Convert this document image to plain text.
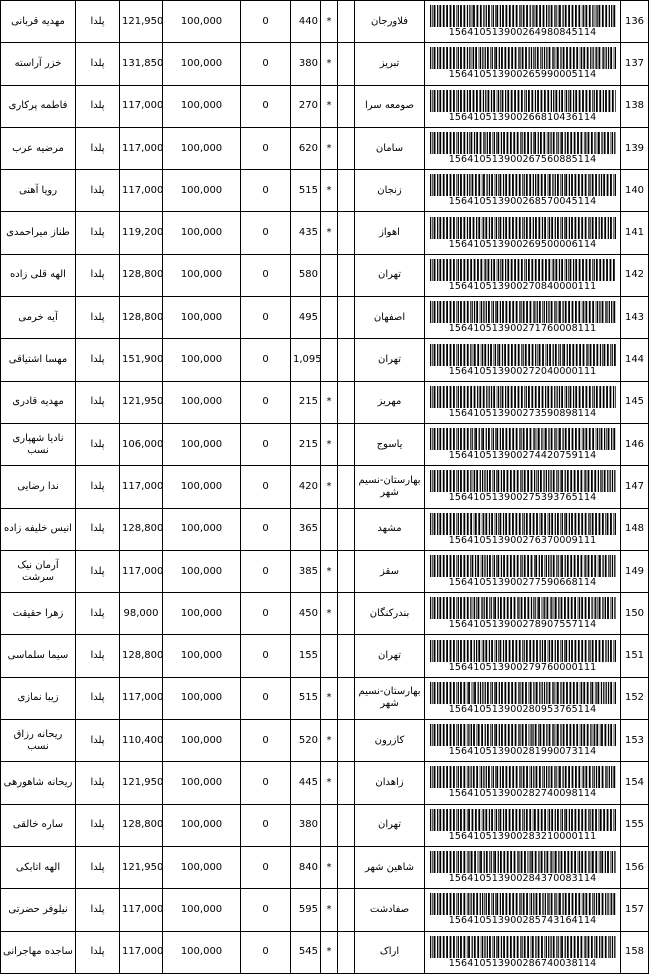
مهدیه قربانی	پلدا	121,950	100,000	0	440	*		فلاورجان	156410513900264980845114	136
خزر آراسته	پلدا	131,850	100,000	0	380	*		تبریز	156410513900265990005114	137
فاطمه پرکاری	پلدا	117,000	100,000	0	270	*		صومعه سرا	156410513900266810436114	138
مرضیه عرب	پلدا	117,000	100,000	0	620	*		سامان	156410513900267560885114	139
رویا آهنی	پلدا	117,000	100,000	0	515	*		زنجان	156410513900268570045114	140
طناز میراحمدی	پلدا	119,200	100,000	0	435	*		اهواز	156410513900269500006114	141
الهه قلی زاده	پلدا	128,800	100,000	0	580			تهران	156410513900270840000111	142
آیه خرمی	پلدا	128,800	100,000	0	495			اصفهان	156410513900271760008111	143
مهسا اشتیاقی	پلدا	151,900	100,000	0	1,095			تهران	156410513900272040000111	144
مهدیه قادری	پلدا	121,950	100,000	0	215	*		مهریز	156410513900273590898114	145
نادیا شهپاری نسب	پلدا	106,000	100,000	0	215	*		یاسوج	156410513900274420759114	146
ندا رضایی	پلدا	117,000	100,000	0	420	*		بهارستان-نسیم شهر	156410513900275393765114	147
انیس خلیفه زاده	پلدا	128,800	100,000	0	365			مشهد	156410513900276370009111	148
آرمان نیک سرشت	پلدا	117,000	100,000	0	385	*		سقز	156410513900277590668114	149
زهرا حقیقت	پلدا	98,000	100,000	0	450	*		بندرکنگان	156410513900278907557114	150
سیما سلماسی	پلدا	128,800	100,000	0	155			تهران	156410513900279760000111	151
زیبا نمازی	پلدا	117,000	100,000	0	515	*		بهارستان-نسیم شهر	156410513900280953765114	152
ریحانه رزاق نسب	پلدا	110,400	100,000	0	520	*		کازرون	156410513900281990073114	153
ریحانه شاهورهی	پلدا	121,950	100,000	0	445	*		زاهدان	156410513900282740098114	154
ساره خالقی	پلدا	128,800	100,000	0	380			تهران	156410513900283210000111	155
الهه اتابکی	پلدا	121,950	100,000	0	840	*		شاهین شهر	156410513900284370083114	156
نیلوفر حضرتی	پلدا	117,000	100,000	0	595	*		صفادشت	156410513900285743164114	157
ساجده مهاجرانی	پلدا	117,000	100,000	0	545	*		اراک	156410513900286740038114	158
